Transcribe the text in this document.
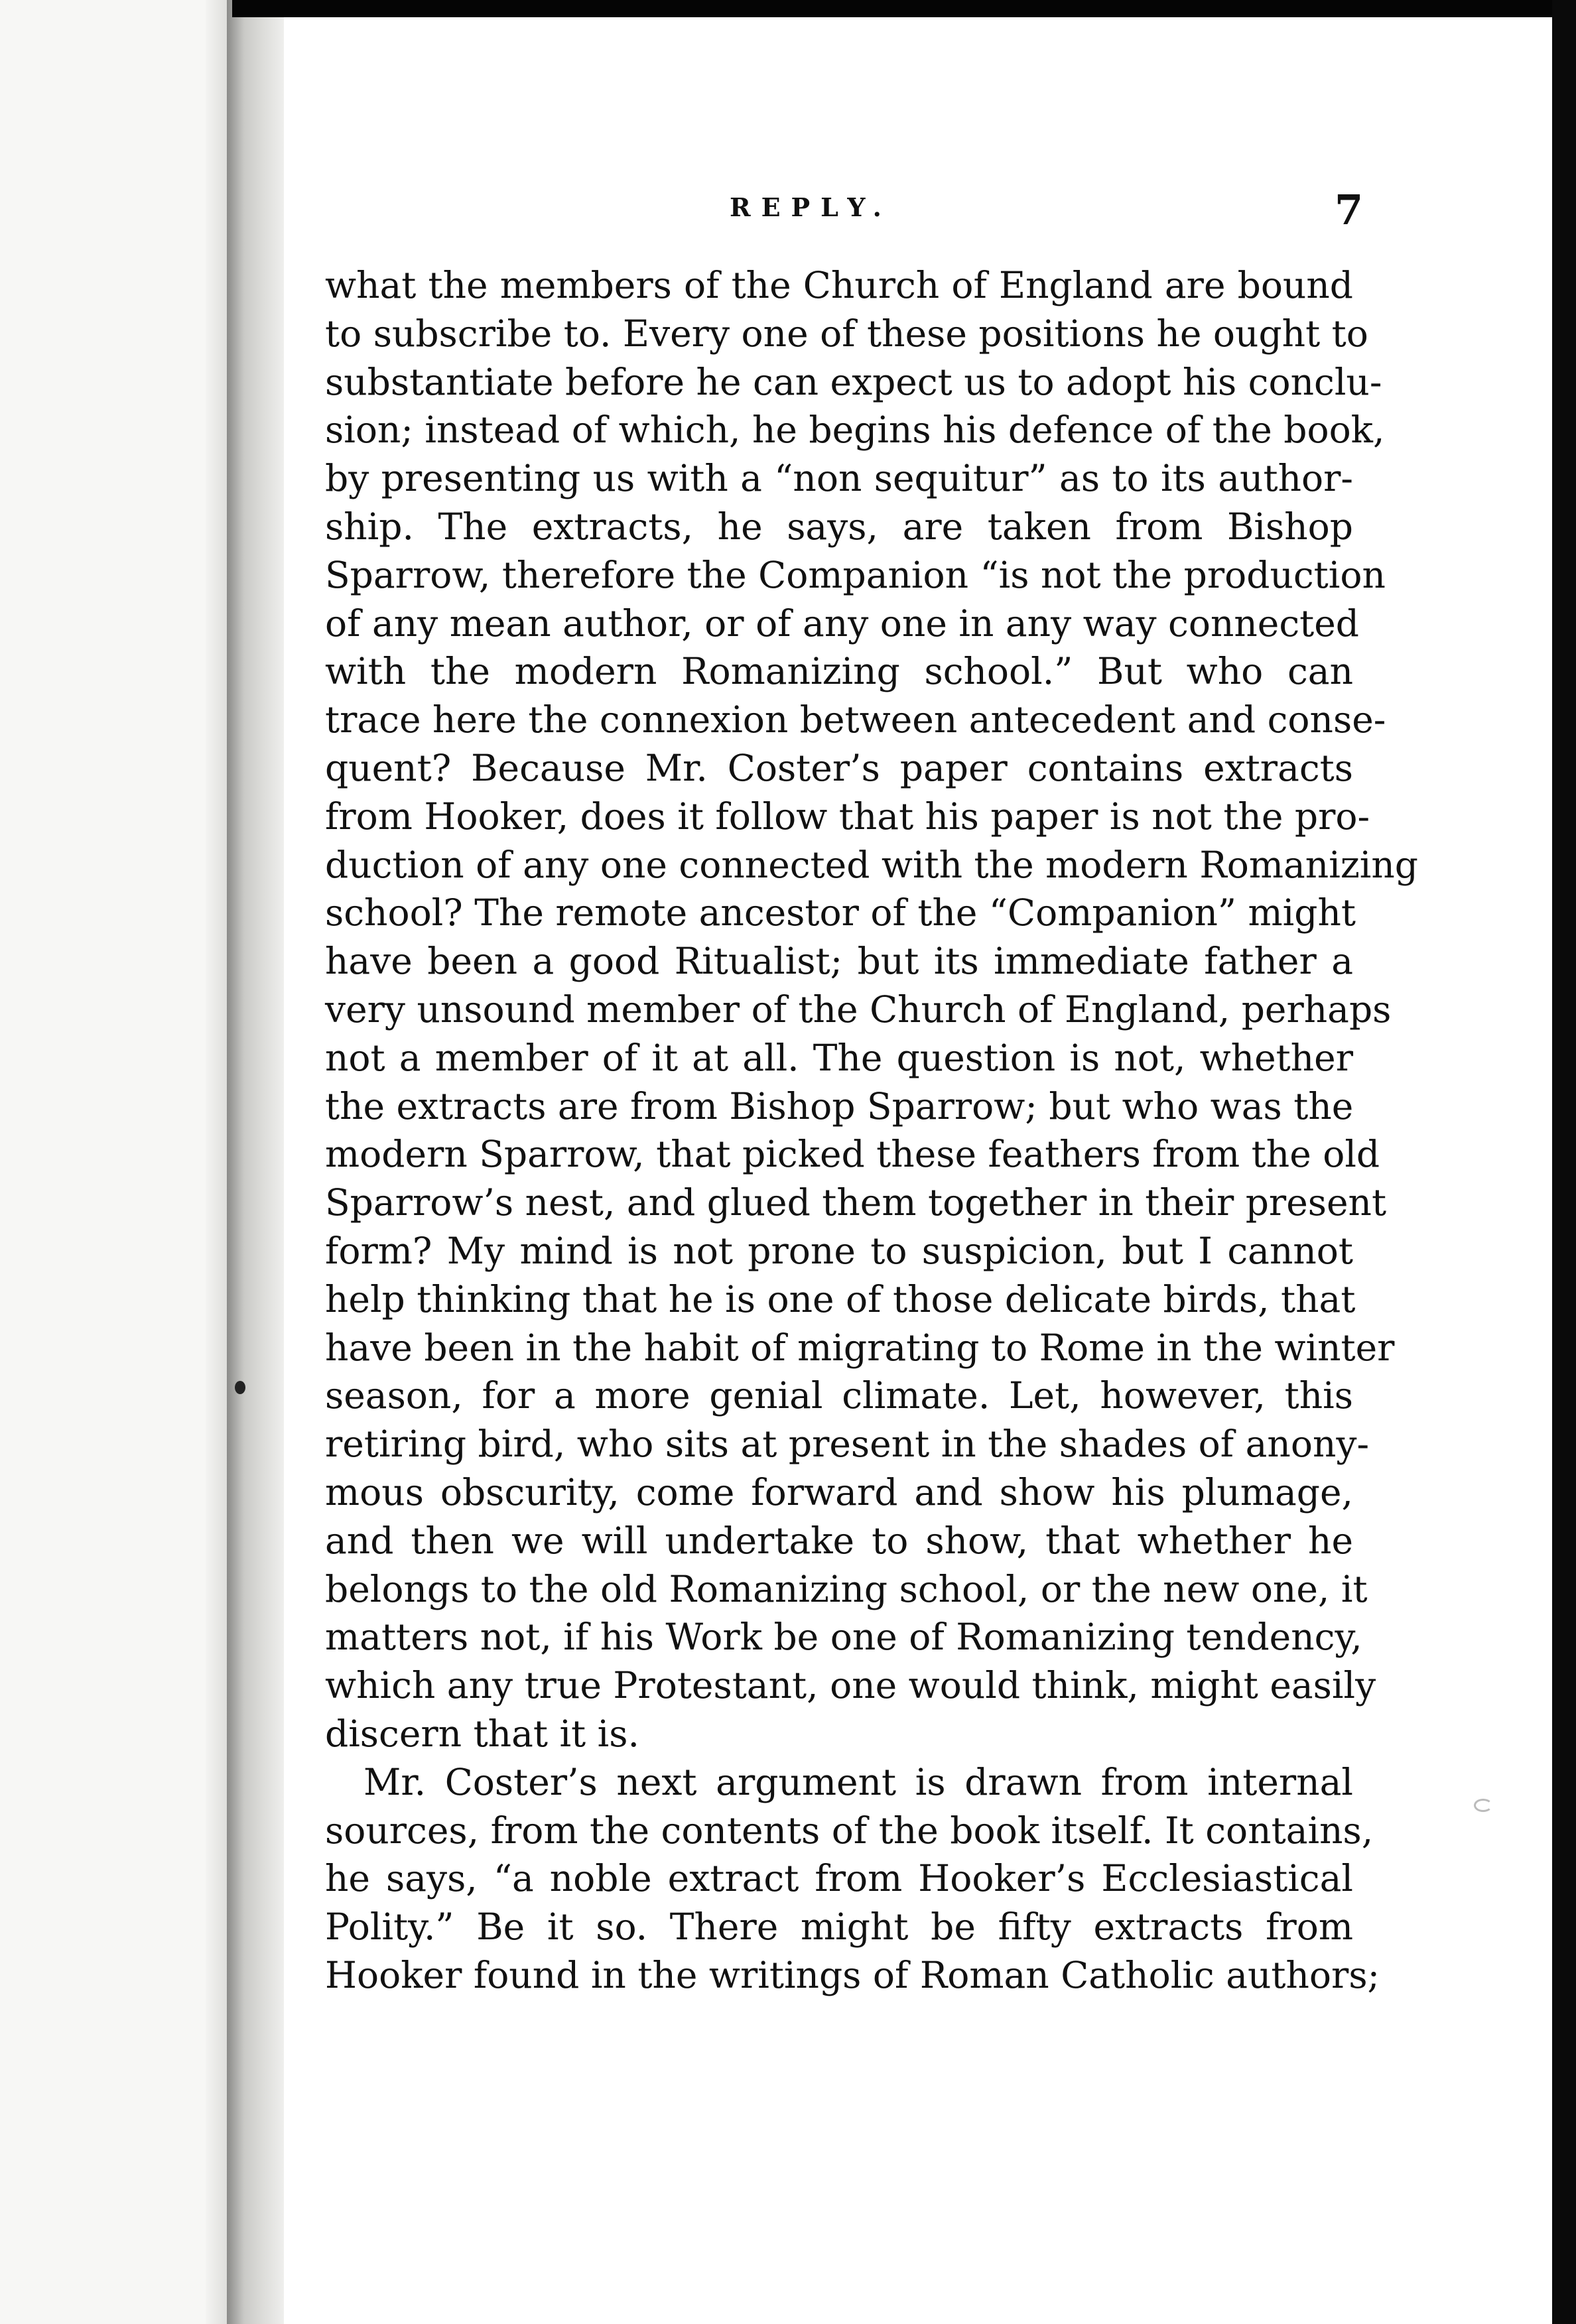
REPLY.	7
what the members of the Church of England are bound
to subscribe to. Every one of these positions he ought to
substantiate before he can expect us to adopt his conclu-
sion; instead of which, he begins his defence of the book,
by presenting us with a “non sequitur” as to its author-
ship. The extracts, he says, are taken from Bishop
Sparrow, therefore the Companion “is not the production
of any mean author, or of any one in any way connected
with the modern Romanizing school.” But who can
trace here the connexion between antecedent and conse-
quent? Because Mr. Coster’s paper contains extracts
from Hooker, does it follow that his paper is not the pro-
duction of any one connected with the modern Romanizing
school? The remote ancestor of the “Companion” might
have been a good Ritualist; but its immediate father a
very unsound member of the Church of England, perhaps
not a member of it at all. The question is not, whether
the extracts are from Bishop Sparrow; but who was the
modern Sparrow, that picked these feathers from the old
Sparrow’s nest, and glued them together in their present
form? My mind is not prone to suspicion, but I cannot
help thinking that he is one of those delicate birds, that
have been in the habit of migrating to Rome in the winter
season, for a more genial climate. Let, however, this
retiring bird, who sits at present in the shades of anony-
mous obscurity, come forward and show his plumage,
and then we will undertake to show, that whether he
belongs to the old Romanizing school, or the new one, it
matters not, if his Work be one of Romanizing tendency,
which any true Protestant, one would think, might easily
discern that it is.
Mr. Coster’s next argument is drawn from internal
sources, from the contents of the book itself. It contains,
he says, “a noble extract from Hooker’s Ecclesiastical
Polity.” Be it so. There might be fifty extracts from
Hooker found in the writings of Roman Catholic authors;
